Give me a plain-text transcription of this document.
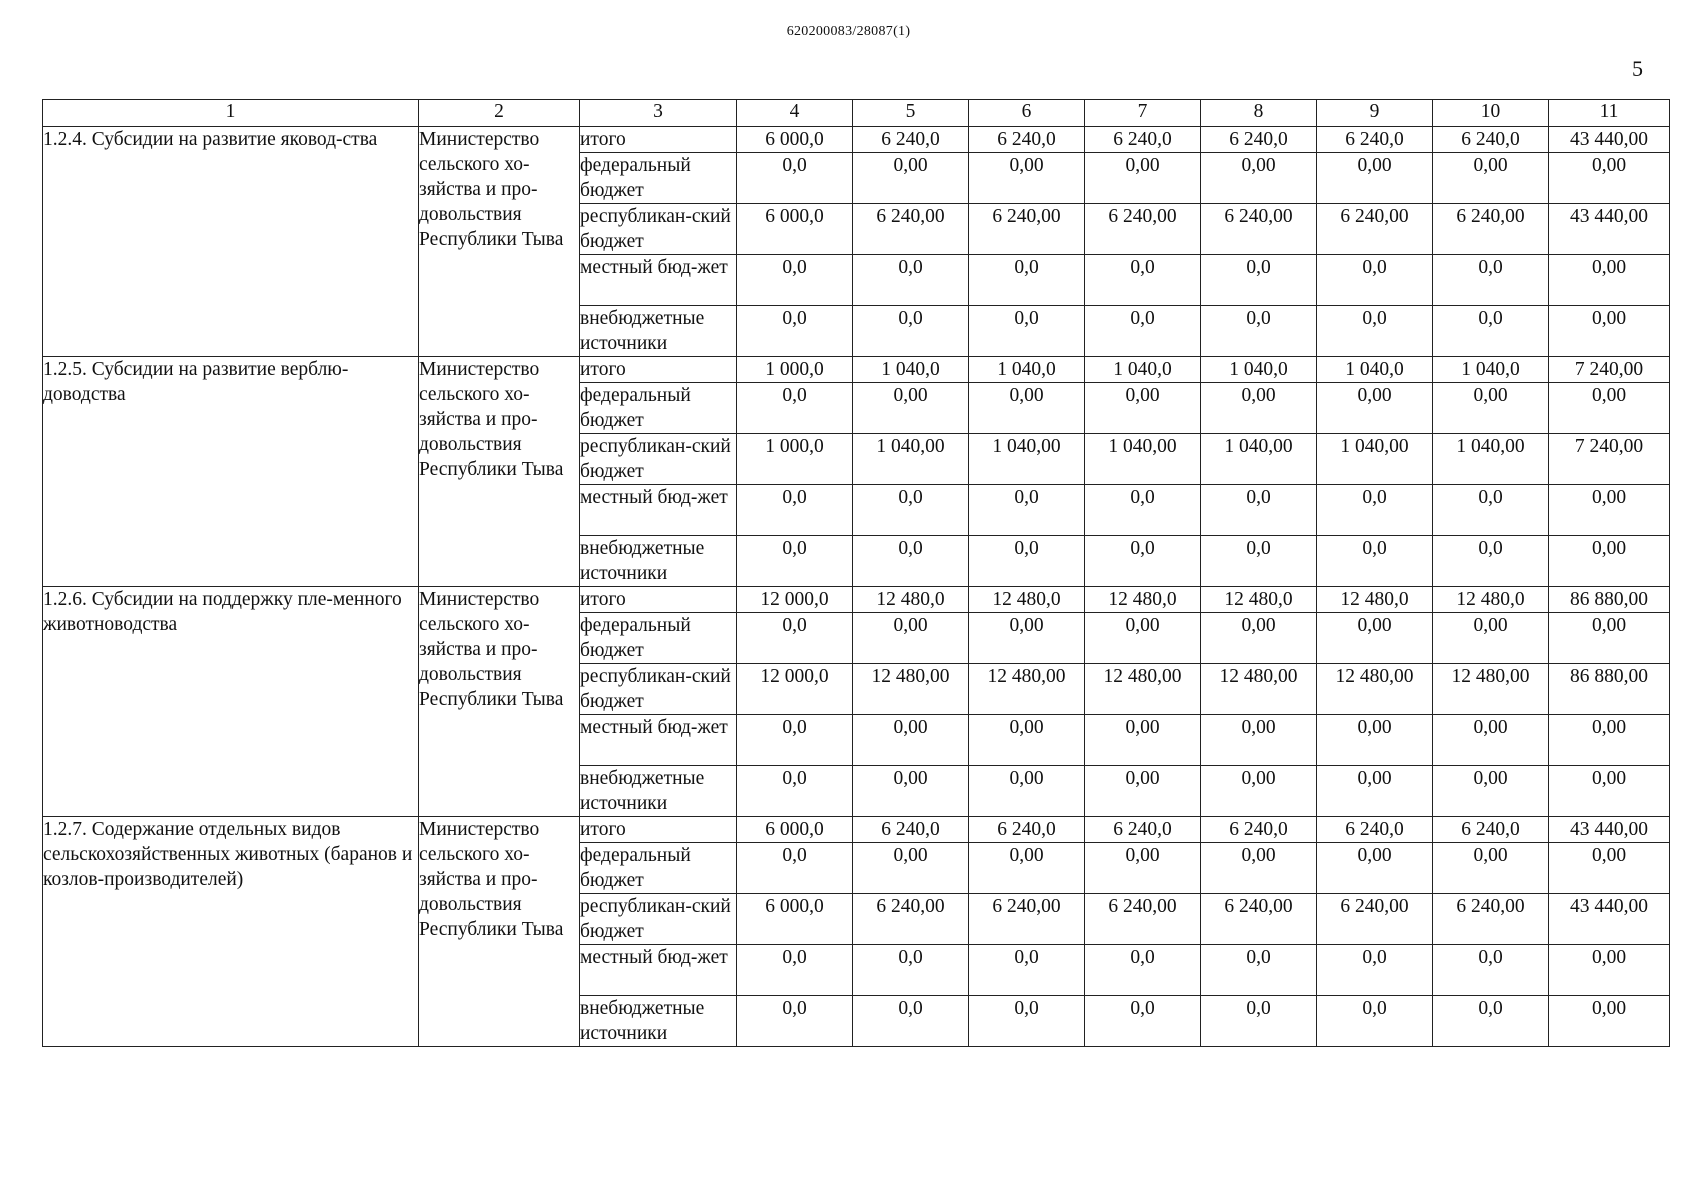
620200083/28087(1)
5
1	2	3	4	5	6	7	8	9	10	11
1.2.4. Субсидии на развитие яковод-ства	Министерство сельского хо-зяйства и про-довольствия Республики Тыва	итого	6 000,0	6 240,0	6 240,0	6 240,0	6 240,0	6 240,0	6 240,0	43 440,00
		федеральный бюджет	0,0	0,00	0,00	0,00	0,00	0,00	0,00	0,00
		республикан-ский бюджет	6 000,0	6 240,00	6 240,00	6 240,00	6 240,00	6 240,00	6 240,00	43 440,00
		местный бюд-жет	0,0	0,0	0,0	0,0	0,0	0,0	0,0	0,00
		внебюджетные источники	0,0	0,0	0,0	0,0	0,0	0,0	0,0	0,00
1.2.5. Субсидии на развитие верблю-доводства	Министерство сельского хо-зяйства и про-довольствия Республики Тыва	итого	1 000,0	1 040,0	1 040,0	1 040,0	1 040,0	1 040,0	1 040,0	7 240,00
		федеральный бюджет	0,0	0,00	0,00	0,00	0,00	0,00	0,00	0,00
		республикан-ский бюджет	1 000,0	1 040,00	1 040,00	1 040,00	1 040,00	1 040,00	1 040,00	7 240,00
		местный бюд-жет	0,0	0,0	0,0	0,0	0,0	0,0	0,0	0,00
		внебюджетные источники	0,0	0,0	0,0	0,0	0,0	0,0	0,0	0,00
1.2.6. Субсидии на поддержку пле-менного животноводства	Министерство сельского хо-зяйства и про-довольствия Республики Тыва	итого	12 000,0	12 480,0	12 480,0	12 480,0	12 480,0	12 480,0	12 480,0	86 880,00
		федеральный бюджет	0,0	0,00	0,00	0,00	0,00	0,00	0,00	0,00
		республикан-ский бюджет	12 000,0	12 480,00	12 480,00	12 480,00	12 480,00	12 480,00	12 480,00	86 880,00
		местный бюд-жет	0,0	0,00	0,00	0,00	0,00	0,00	0,00	0,00
		внебюджетные источники	0,0	0,00	0,00	0,00	0,00	0,00	0,00	0,00
1.2.7. Содержание отдельных видов сельскохозяйственных животных (баранов и козлов-производителей)	Министерство сельского хо-зяйства и про-довольствия Республики Тыва	итого	6 000,0	6 240,0	6 240,0	6 240,0	6 240,0	6 240,0	6 240,0	43 440,00
		федеральный бюджет	0,0	0,00	0,00	0,00	0,00	0,00	0,00	0,00
		республикан-ский бюджет	6 000,0	6 240,00	6 240,00	6 240,00	6 240,00	6 240,00	6 240,00	43 440,00
		местный бюд-жет	0,0	0,0	0,0	0,0	0,0	0,0	0,0	0,00
		внебюджетные источники	0,0	0,0	0,0	0,0	0,0	0,0	0,0	0,00
